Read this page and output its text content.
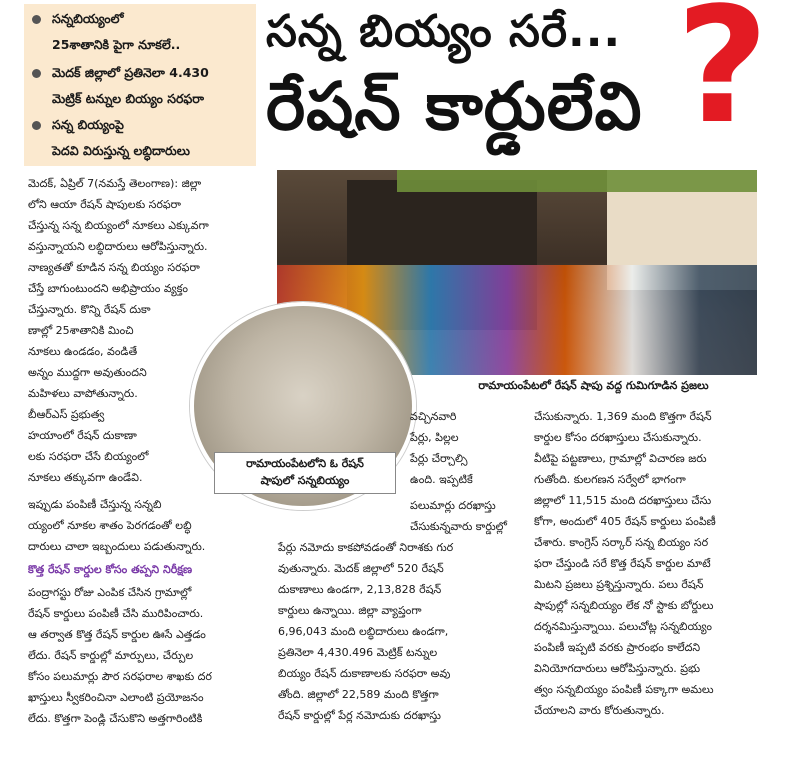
సన్నబియ్యంలో
25శాతానికి పైగా నూకలే..
మెదక్ జిల్లాలో ప్రతినెలా 4.430
మెట్రిక్ టన్నుల బియ్యం సరఫరా
సన్న బియ్యంపై
పెదవి విరుస్తున్న లబ్ధిదారులు
సన్న బియ్యం సరే...
రేషన్ కార్డులేవి ?
రామాయంపేటలో రేషన్ షాపు వద్ద గుమిగూడిన ప్రజలు
రామాయంపేటలోని ఓ రేషన్
షాపులో సన్నబియ్యం
మెదక్, ఏప్రిల్ 7(నమస్తే తెలంగాణ): జిల్లా
లోని ఆయా రేషన్ షాపులకు సరఫరా
చేస్తున్న సన్న బియ్యంలో నూకలు ఎక్కువగా
వస్తున్నాయని లబ్ధిదారులు ఆరోపిస్తున్నారు.
నాణ్యతతో కూడిన సన్న బియ్యం సరఫరా
చేస్తే బాగుంటుందని అభిప్రాయం వ్యక్తం
చేస్తున్నారు. కొన్ని రేషన్ దుకా
ణాల్లో 25శాతానికి మించి
నూకలు ఉండడం, వండితే
అన్నం ముద్దగా అవుతుందని
మహిళలు వాపోతున్నారు.
బీఆర్ఎస్ ప్రభుత్వ
హయాంలో రేషన్ దుకాణా
లకు సరఫరా చేసే బియ్యంలో
నూకలు తక్కువగా ఉండేవి.
ఇప్పుడు పంపిణీ చేస్తున్న సన్నబి
య్యంలో నూకల శాతం పెరగడంతో లబ్ధి
దారులు చాలా ఇబ్బందులు పడుతున్నారు.
కొత్త రేషన్ కార్డుల కోసం తప్పని నిరీక్షణ
పంద్రాగస్టు రోజు ఎంపిక చేసిన గ్రామాల్లో
రేషన్ కార్డులు పంపిణీ చేసి మురిపించారు.
ఆ తర్వాత కొత్త రేషన్ కార్డుల ఊసే ఎత్తడం
లేదు. రేషన్ కార్డుల్లో మార్పులు, చేర్పుల
కోసం పలుమార్లు పౌర సరఫరాల శాఖకు దర
ఖాస్తులు స్వీకరించినా ఎలాంటి ప్రయోజనం
లేదు. కొత్తగా పెండ్లి చేసుకొని అత్తగారింటికి
వచ్చినవారి
పేర్లు, పిల్లల
పేర్లు చేర్చాల్సి
ఉంది. ఇప్పటికే
పలుమార్లు దరఖాస్తు
చేసుకున్నవారు కార్డుల్లో
పేర్లు నమోదు కాకపోవడంతో నిరాశకు గుర
వుతున్నారు. మెదక్ జిల్లాలో 520 రేషన్
దుకాణాలు ఉండగా, 2,13,828 రేషన్
కార్డులు ఉన్నాయి. జిల్లా వ్యాప్తంగా
6,96,043 మంది లబ్ధిదారులు ఉండగా,
ప్రతినెలా 4,430.496 మెట్రిక్ టన్నుల
బియ్యం రేషన్ దుకాణాలకు సరఫరా అవు
తోంది. జిల్లాలో 22,589 మంది కొత్తగా
రేషన్ కార్డుల్లో పేర్ల నమోదుకు దరఖాస్తు
చేసుకున్నారు. 1,369 మంది కొత్తగా రేషన్
కార్డుల కోసం దరఖాస్తులు చేసుకున్నారు.
వీటిపై పట్టణాలు, గ్రామాల్లో విచారణ జరు
గుతోంది. కులగణన సర్వేలో భాగంగా
జిల్లాలో 11,515 మంది దరఖాస్తులు చేసు
కోగా, అందులో 405 రేషన్ కార్డులు పంపిణీ
చేశారు. కాంగ్రెస్ సర్కార్ సన్న బియ్యం సర
ఫరా చేస్తుండి సరే కొత్త రేషన్ కార్డుల మాటే
మిటని ప్రజలు ప్రశ్నిస్తున్నారు. పలు రేషన్
షాపుల్లో సన్నబియ్యం లేక నో స్టాకు బోర్డులు
దర్శనమిస్తున్నాయి. పలుచోట్ల సన్నబియ్యం
పంపిణీ ఇప్పటి వరకు ప్రారంభం కాలేదని
వినియోగదారులు ఆరోపిస్తున్నారు. ప్రభు
త్వం సన్నబియ్యం పంపిణీ పక్కాగా అమలు
చేయాలని వారు కోరుతున్నారు.
